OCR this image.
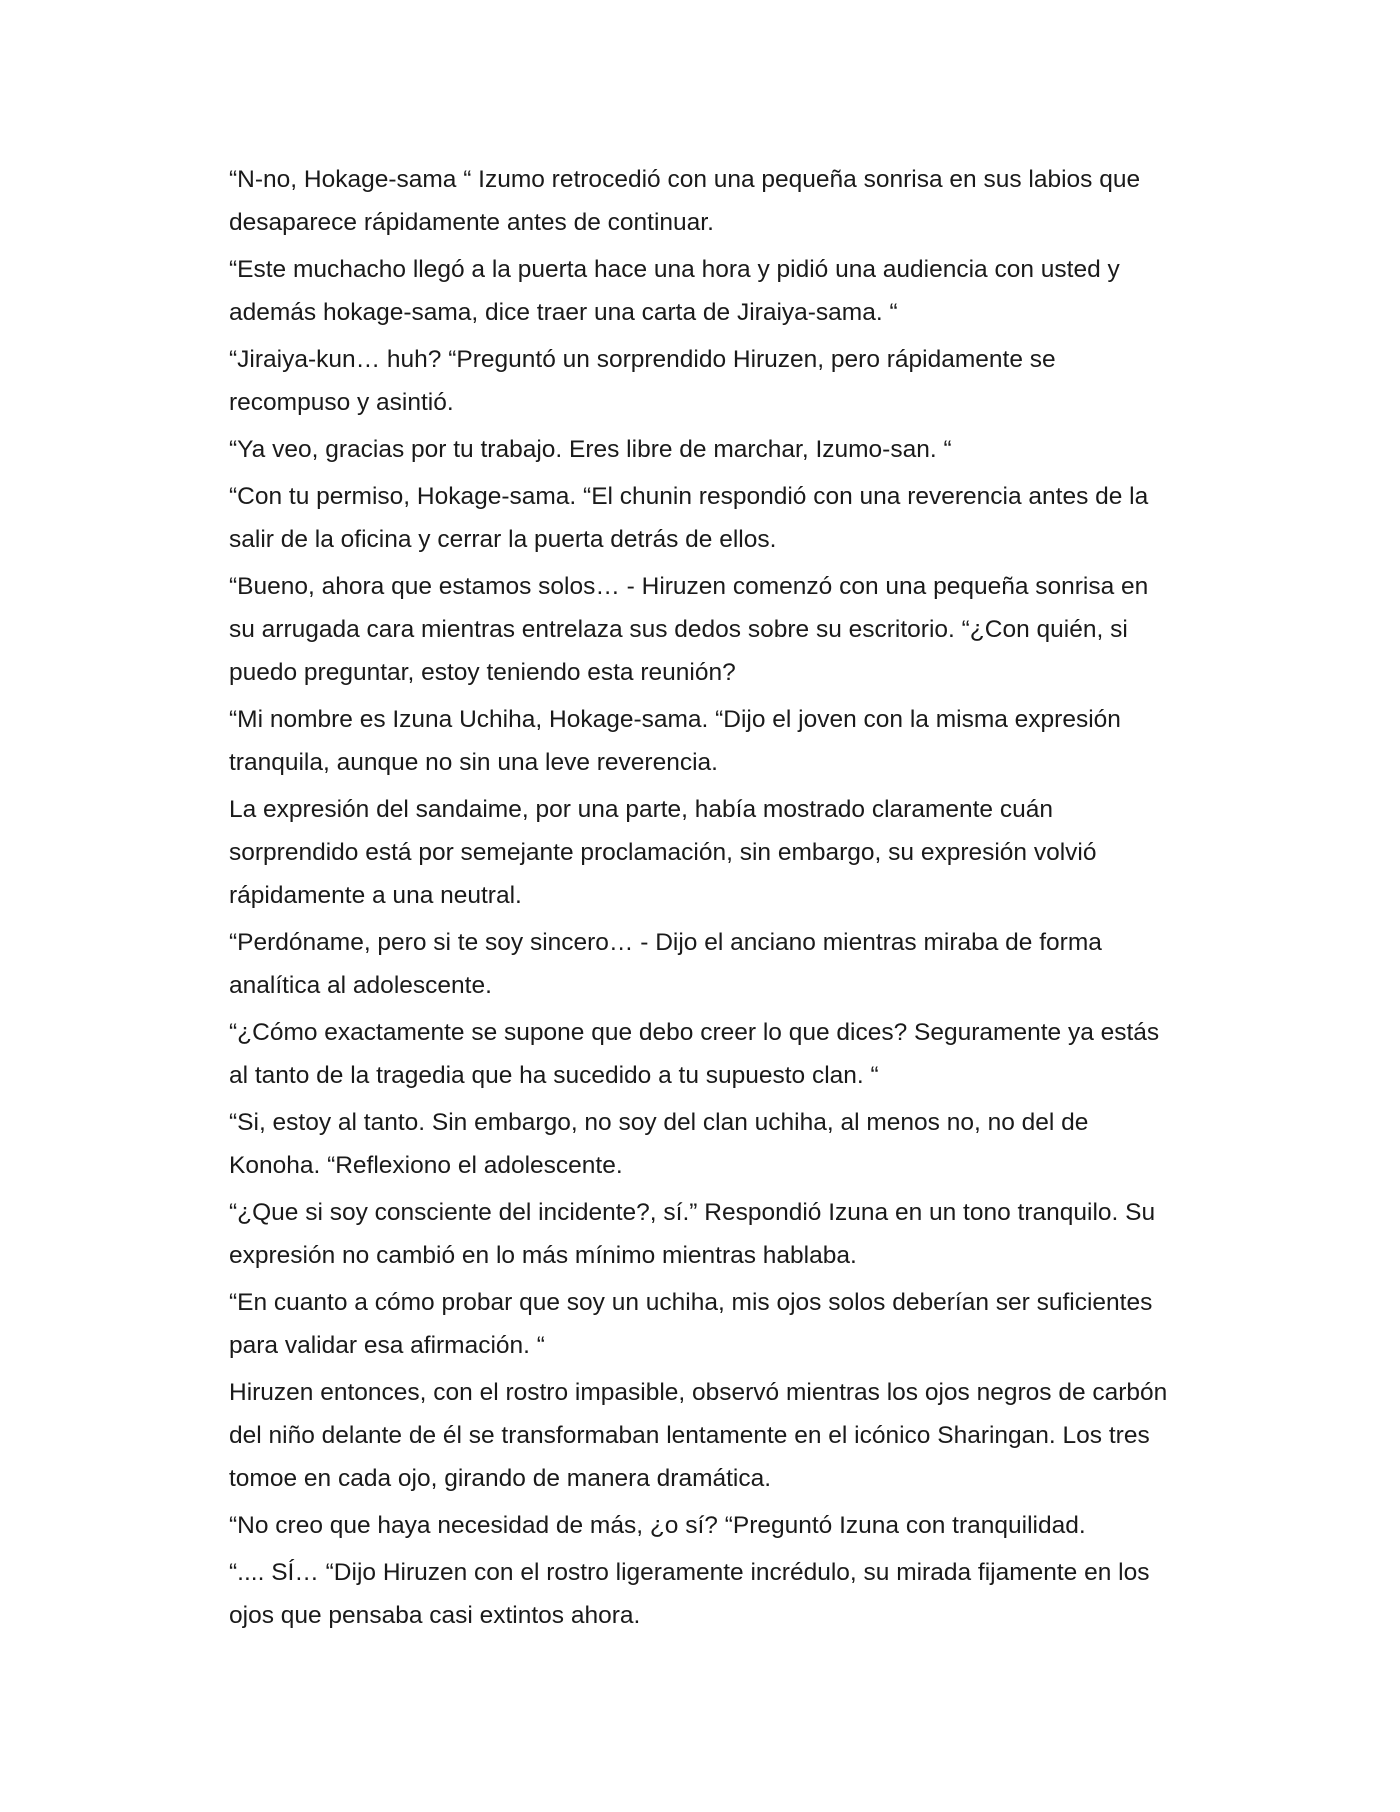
“N-no, Hokage-sama “ Izumo retrocedió con una pequeña sonrisa en sus labios que desaparece rápidamente antes de continuar.

“Este muchacho llegó a la puerta hace una hora y pidió una audiencia con usted y además hokage-sama, dice traer una carta de Jiraiya-sama. “

“Jiraiya-kun… huh? “Preguntó un sorprendido Hiruzen, pero rápidamente se recompuso y asintió.

“Ya veo, gracias por tu trabajo. Eres libre de marchar, Izumo-san. “

“Con tu permiso, Hokage-sama. “El chunin respondió con una reverencia antes de la salir de la oficina y cerrar la puerta detrás de ellos.

“Bueno, ahora que estamos solos… - Hiruzen comenzó con una pequeña sonrisa en su arrugada cara mientras entrelaza sus dedos sobre su escritorio. “¿Con quién, si puedo preguntar, estoy teniendo esta reunión?

“Mi nombre es Izuna Uchiha, Hokage-sama. “Dijo el joven con la misma expresión tranquila, aunque no sin una leve reverencia.

La expresión del sandaime, por una parte, había mostrado claramente cuán sorprendido está por semejante proclamación, sin embargo, su expresión volvió rápidamente a una neutral.

“Perdóname, pero si te soy sincero… - Dijo el anciano mientras miraba de forma analítica al adolescente.

“¿Cómo exactamente se supone que debo creer lo que dices? Seguramente ya estás al tanto de la tragedia que ha sucedido a tu supuesto clan. “

“Si, estoy al tanto. Sin embargo, no soy del clan uchiha, al menos no, no del de Konoha. “Reflexiono el adolescente.

“¿Que si soy consciente del incidente?, sí.” Respondió Izuna en un tono tranquilo. Su expresión no cambió en lo más mínimo mientras hablaba.

“En cuanto a cómo probar que soy un uchiha, mis ojos solos deberían ser suficientes para validar esa afirmación. “

Hiruzen entonces, con el rostro impasible, observó mientras los ojos negros de carbón del niño delante de él se transformaban lentamente en el icónico Sharingan. Los tres tomoe en cada ojo, girando de manera dramática.

“No creo que haya necesidad de más, ¿o sí? “Preguntó Izuna con tranquilidad.

“.... SÍ… “Dijo Hiruzen con el rostro ligeramente incrédulo, su mirada fijamente en los ojos que pensaba casi extintos ahora.
